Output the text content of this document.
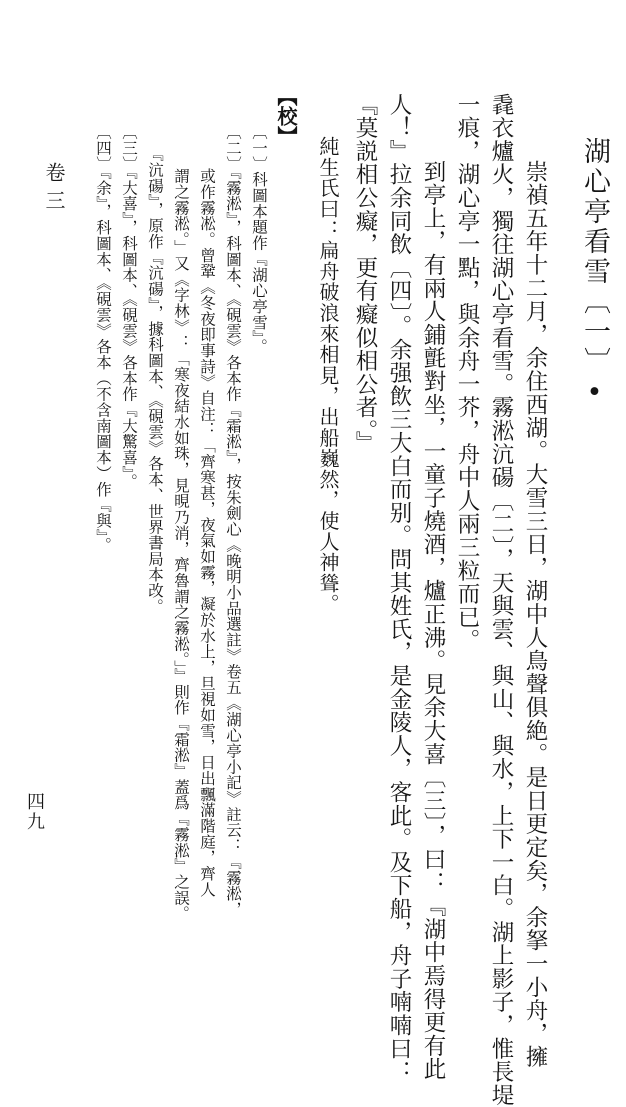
湖心亭看雪〔一〕•
崇禎五年十二月，余住西湖。大雪三日，湖中人鳥聲俱絶。是日更定矣，余拏一小舟，擁
毳衣爐火，獨往湖心亭看雪。霧淞沆碭〔二〕，天與雲、與山、與水，上下一白。湖上影子，惟長堤
一痕，湖心亭一點，與余舟一芥，舟中人兩三粒而已。
到亭上，有兩人鋪氈對坐，一童子燒酒，爐正沸。見余大喜〔三〕，曰：『湖中焉得更有此
人！』拉余同飲〔四〕。余强飲三大白而别。問其姓氏，是金陵人，客此。及下船，舟子喃喃曰：
『莫説相公癡，更有癡似相公者。』
純生氏曰：扁舟破浪來相見，出船巍然，使人神聳。
【校】
〔一〕科圖本題作『湖心亭雪』。
〔二〕『霧淞』，科圖本、《硯雲》各本作『霜淞』，按朱劍心《晚明小品選註》卷五《湖心亭小記》註云：『霧淞，
或作霧凇。曾鞏《冬夜即事詩》自注：「齊寒甚，夜氣如霧，凝於水上，旦視如雪，日出飄滿階庭，齊人
謂之霧淞。」又《字林》：「寒夜結水如珠，見晛乃消，齊魯謂之霧淞。」』則作『霜淞』蓋爲『霧淞』之誤。
『沆碭』，原作『沆碭』，據科圖本、《硯雲》各本、世界書局本改。
〔三〕『大喜』，科圖本、《硯雲》各本作『大驚喜』。
〔四〕『余』，科圖本、《硯雲》各本（不含南圖本）作『與』。
卷三
四九
